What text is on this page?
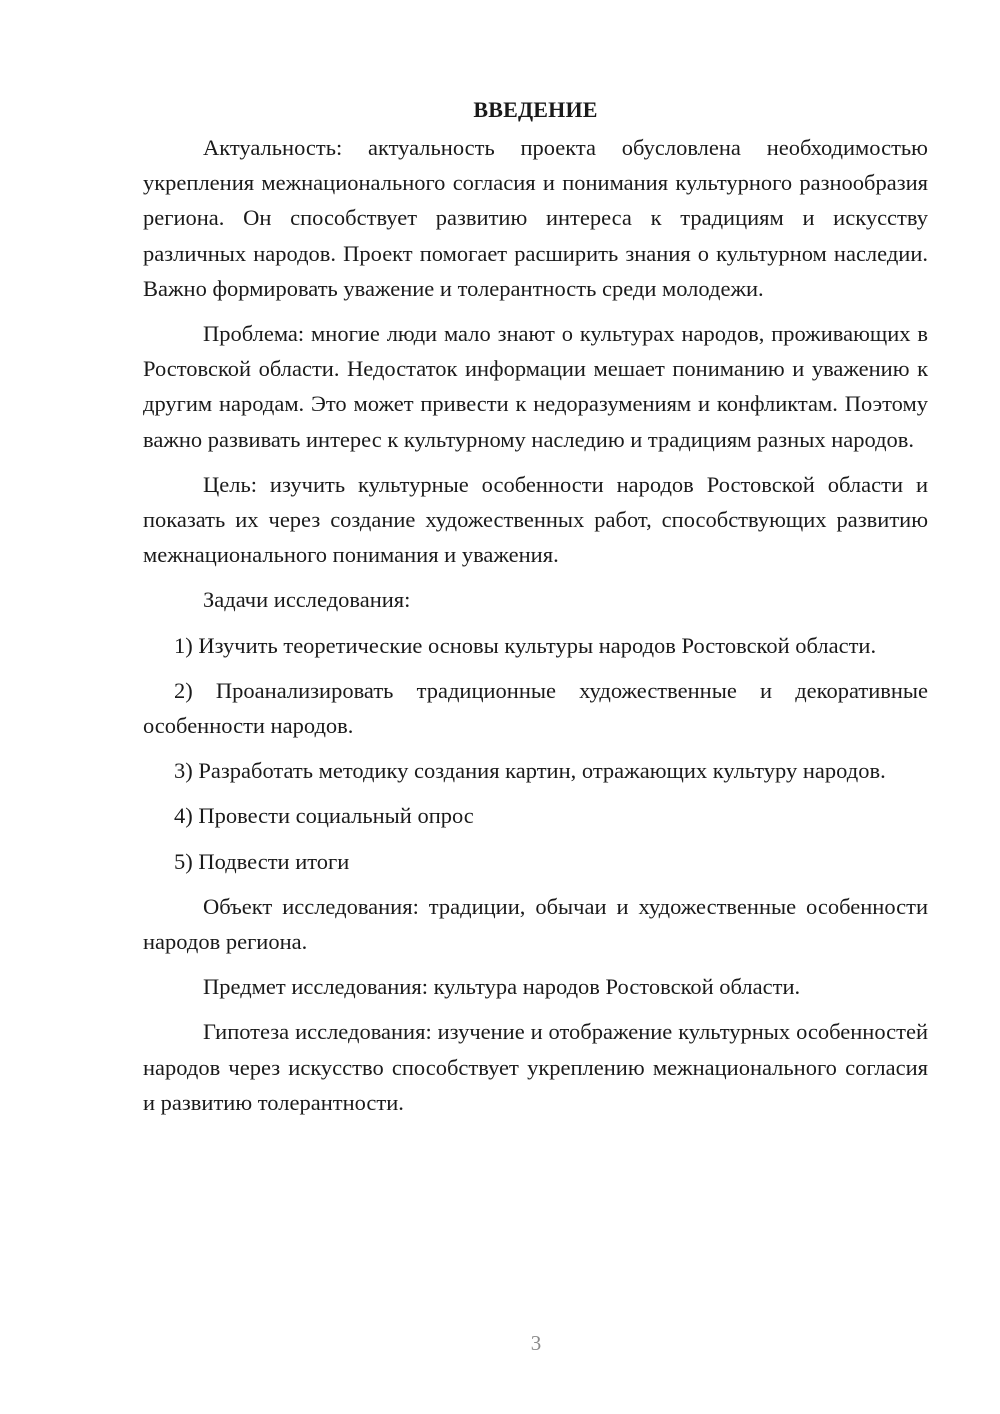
ВВЕДЕНИЕ

Актуальность: актуальность проекта обусловлена необходимостью укрепления межнационального согласия и понимания культурного разнообразия региона. Он способствует развитию интереса к традициям и искусству различных народов. Проект помогает расширить знания о культурном наследии. Важно формировать уважение и толерантность среди молодежи.

Проблема: многие люди мало знают о культурах народов, проживающих в Ростовской области. Недостаток информации мешает пониманию и уважению к другим народам. Это может привести к недоразумениям и конфликтам. Поэтому важно развивать интерес к культурному наследию и традициям разных народов.

Цель: изучить культурные особенности народов Ростовской области и показать их через создание художественных работ, способствующих развитию межнационального понимания и уважения.

Задачи исследования:

1) Изучить теоретические основы культуры народов Ростовской области.

2) Проанализировать традиционные художественные и декоративные особенности народов.

3) Разработать методику создания картин, отражающих культуру народов.

4) Провести социальный опрос

5) Подвести итоги

Объект исследования: традиции, обычаи и художественные особенности народов региона.

Предмет исследования: культура народов Ростовской области.

Гипотеза исследования: изучение и отображение культурных особенностей народов через искусство способствует укреплению межнационального согласия и развитию толерантности.

3
